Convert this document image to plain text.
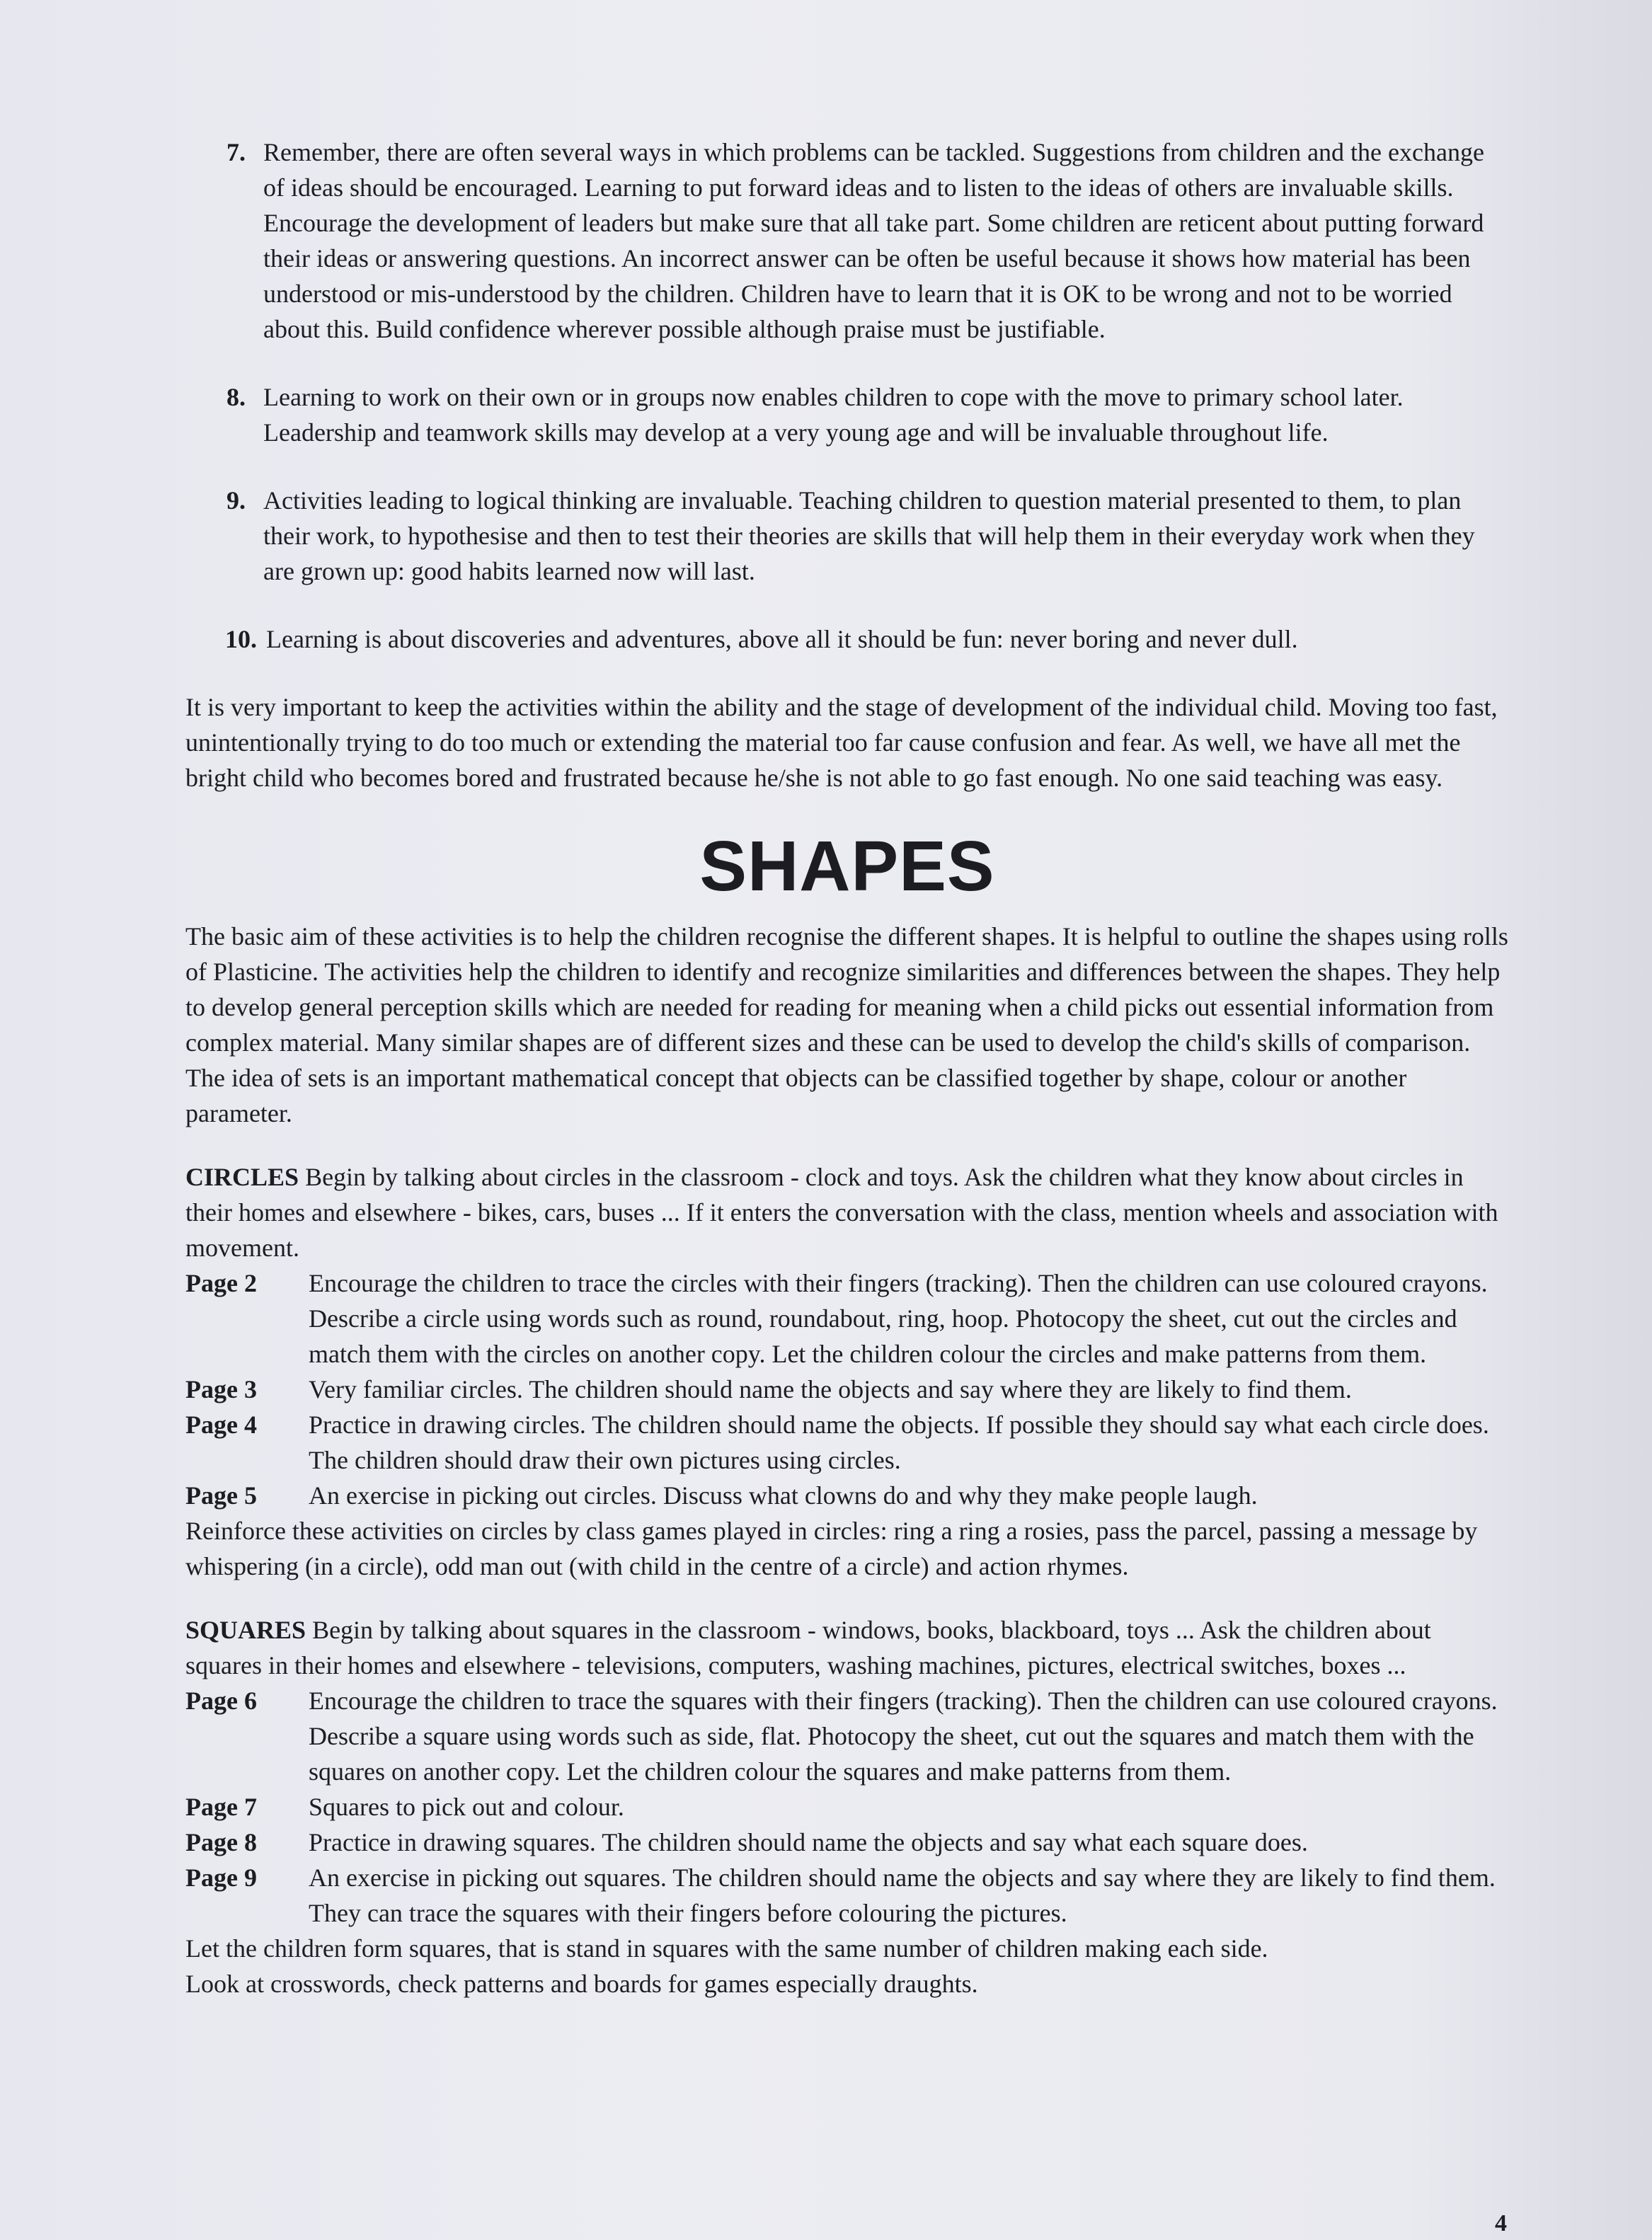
7. Remember, there are often several ways in which problems can be tackled. Suggestions from children and the exchange of ideas should be encouraged. Learning to put forward ideas and to listen to the ideas of others are invaluable skills. Encourage the development of leaders but make sure that all take part. Some children are reticent about putting forward their ideas or answering questions. An incorrect answer can be often be useful because it shows how material has been understood or mis-understood by the children. Children have to learn that it is OK to be wrong and not to be worried about this. Build confidence wherever possible although praise must be justifiable.
8. Learning to work on their own or in groups now enables children to cope with the move to primary school later. Leadership and teamwork skills may develop at a very young age and will be invaluable throughout life.
9. Activities leading to logical thinking are invaluable. Teaching children to question material presented to them, to plan their work, to hypothesise and then to test their theories are skills that will help them in their everyday work when they are grown up: good habits learned now will last.
10. Learning is about discoveries and adventures, above all it should be fun: never boring and never dull.

It is very important to keep the activities within the ability and the stage of development of the individual child. Moving too fast, unintentionally trying to do too much or extending the material too far cause confusion and fear. As well, we have all met the bright child who becomes bored and frustrated because he/she is not able to go fast enough. No one said teaching was easy.

SHAPES

The basic aim of these activities is to help the children recognise the different shapes. It is helpful to outline the shapes using rolls of Plasticine. The activities help the children to identify and recognize similarities and differences between the shapes. They help to develop general perception skills which are needed for reading for meaning when a child picks out essential information from complex material. Many similar shapes are of different sizes and these can be used to develop the child's skills of comparison. The idea of sets is an important mathematical concept that objects can be classified together by shape, colour or another parameter.

CIRCLES Begin by talking about circles in the classroom - clock and toys. Ask the children what they know about circles in their homes and elsewhere - bikes, cars, buses ... If it enters the conversation with the class, mention wheels and association with movement.

Page 2	Encourage the children to trace the circles with their fingers (tracking). Then the children can use coloured crayons. Describe a circle using words such as round, roundabout, ring, hoop. Photocopy the sheet, cut out the circles and match them with the circles on another copy. Let the children colour the circles and make patterns from them.
Page 3	Very familiar circles. The children should name the objects and say where they are likely to find them.
Page 4	Practice in drawing circles. The children should name the objects. If possible they should say what each circle does. The children should draw their own pictures using circles.
Page 5	An exercise in picking out circles. Discuss what clowns do and why they make people laugh.

Reinforce these activities on circles by class games played in circles: ring a ring a rosies, pass the parcel, passing a message by whispering (in a circle), odd man out (with child in the centre of a circle) and action rhymes.

SQUARES Begin by talking about squares in the classroom - windows, books, blackboard, toys ... Ask the children about squares in their homes and elsewhere - televisions, computers, washing machines, pictures, electrical switches, boxes ...

Page 6	Encourage the children to trace the squares with their fingers (tracking). Then the children can use coloured crayons. Describe a square using words such as side, flat. Photocopy the sheet, cut out the squares and match them with the squares on another copy. Let the children colour the squares and make patterns from them.
Page 7	Squares to pick out and colour.
Page 8	Practice in drawing squares. The children should name the objects and say what each square does.
Page 9	An exercise in picking out squares. The children should name the objects and say where they are likely to find them. They can trace the squares with their fingers before colouring the pictures.

Let the children form squares, that is stand in squares with the same number of children making each side.

Look at crosswords, check patterns and boards for games especially draughts.

4
